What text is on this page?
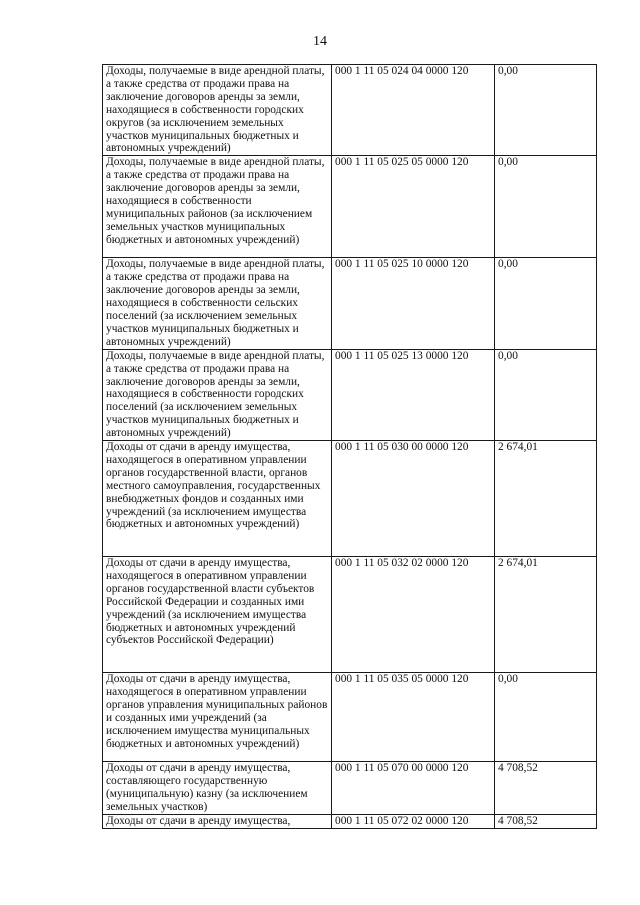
14
Доходы, получаемые в виде арендной платы, а также средства от продажи права на заключение договоров аренды за земли, находящиеся в собственности городских округов (за исключением земельных участков муниципальных бюджетных и автономных учреждений)	000 1 11 05 024 04 0000 120	0,00
Доходы, получаемые в виде арендной платы, а также средства от продажи права на заключение договоров аренды за земли, находящиеся в собственности муниципальных районов (за исключением земельных участков муниципальных бюджетных и автономных учреждений)	000 1 11 05 025 05 0000 120	0,00
Доходы, получаемые в виде арендной платы, а также средства от продажи права на заключение договоров аренды за земли, находящиеся в собственности сельских поселений (за исключением земельных участков муниципальных бюджетных и автономных учреждений)	000 1 11 05 025 10 0000 120	0,00
Доходы, получаемые в виде арендной платы, а также средства от продажи права на заключение договоров аренды за земли, находящиеся в собственности городских поселений (за исключением земельных участков муниципальных бюджетных и автономных учреждений)	000 1 11 05 025 13 0000 120	0,00
Доходы от сдачи в аренду имущества, находящегося в оперативном управлении органов государственной власти, органов местного самоуправления, государственных внебюджетных фондов и созданных ими учреждений (за исключением имущества бюджетных и автономных учреждений)	000 1 11 05 030 00 0000 120	2 674,01
Доходы от сдачи в аренду имущества, находящегося в оперативном управлении органов государственной власти субъектов Российской Федерации и созданных ими учреждений (за исключением имущества бюджетных и автономных учреждений субъектов Российской Федерации)	000 1 11 05 032 02 0000 120	2 674,01
Доходы от сдачи в аренду имущества, находящегося в оперативном управлении органов управления муниципальных районов и созданных ими учреждений (за исключением имущества муниципальных бюджетных и автономных учреждений)	000 1 11 05 035 05 0000 120	0,00
Доходы от сдачи в аренду имущества, составляющего государственную (муниципальную) казну (за исключением земельных участков)	000 1 11 05 070 00 0000 120	4 708,52
Доходы от сдачи в аренду имущества,	000 1 11 05 072 02 0000 120	4 708,52
